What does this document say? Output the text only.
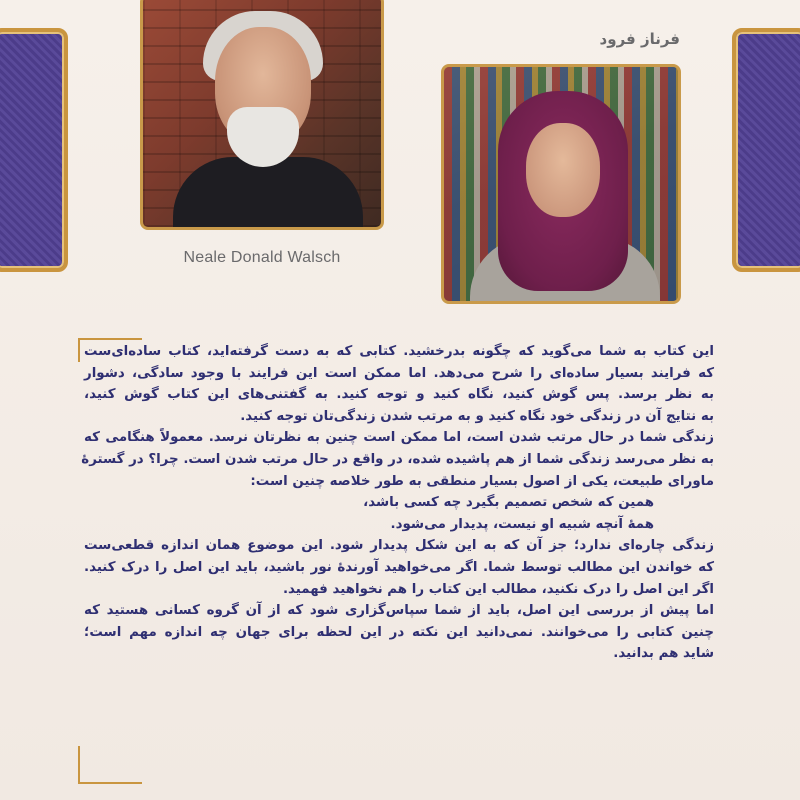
Neale Donald Walsch
فرناز فرود
این کتاب به شما می‌گوید که چگونه بدرخشید. کتابی که به دست گرفته‌اید، کتاب ساده‌ای‌ست
که فرایند بسیار ساده‌ای را شرح می‌دهد. اما ممکن است این فرایند با وجود سادگی، دشوار
به نظر برسد. پس گوش کنید، نگاه کنید و توجه کنید. به گفتنی‌های این کتاب گوش کنید،
به نتایج آن در زندگی خود نگاه کنید و به مرتب شدن زندگی‌تان توجه کنید.
زندگی شما در حال مرتب شدن است، اما ممکن است چنین به نظرتان نرسد. معمولاً هنگامی که
به نظر می‌رسد زندگی شما از هم پاشیده شده، در واقع در حال مرتب شدن است. چرا؟ در گسترهٔ
ماورای طبیعت، یکی از اصول بسیار منطقی به طور خلاصه چنین است:
همین که شخص تصمیم بگیرد چه کسی باشد،
همهٔ آنچه شبیه او نیست، پدیدار می‌شود.
زندگی چاره‌ای ندارد؛ جز آن که به این شکل پدیدار شود. این موضوع همان اندازه قطعی‌ست
که خواندن این مطالب توسط شما. اگر می‌خواهید آورندهٔ نور باشید، باید این اصل را درک کنید.
اگر این اصل را درک نکنید، مطالب این کتاب را هم نخواهید فهمید.
اما پیش از بررسی این اصل، باید از شما سپاس‌گزاری شود که از آن گروه کسانی هستید که
چنین کتابی را می‌خوانند. نمی‌دانید این نکته در این لحظه برای جهان چه اندازه مهم است؛
شاید هم بدانید.
